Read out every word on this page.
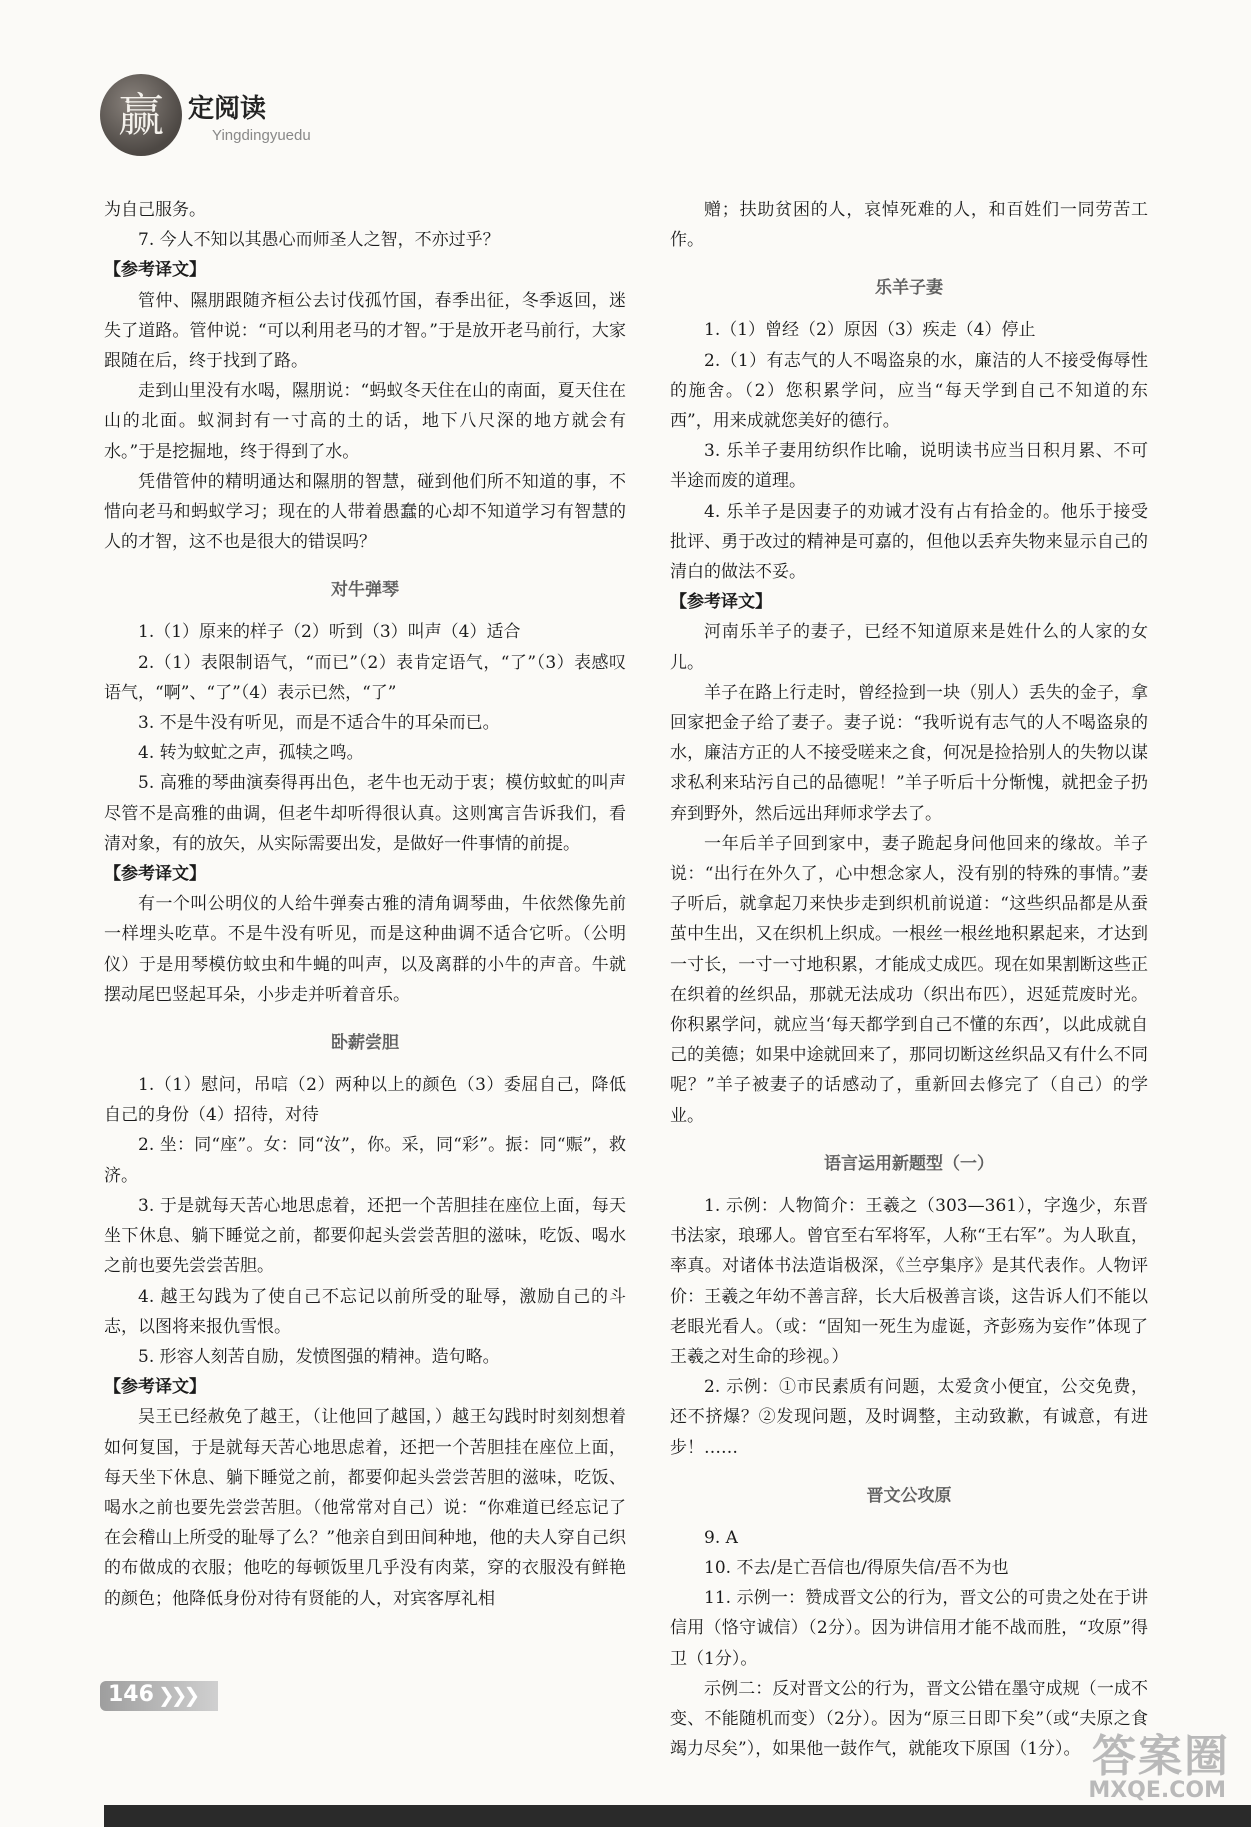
赢 定阅读
Yingdingyuedu

为自己服务。

7. 今人不知以其愚心而师圣人之智，不亦过乎？

【参考译文】

管仲、隰朋跟随齐桓公去讨伐孤竹国，春季出征，冬季返回，迷失了道路。管仲说：“可以利用老马的才智。”于是放开老马前行，大家跟随在后，终于找到了路。

走到山里没有水喝，隰朋说：“蚂蚁冬天住在山的南面，夏天住在山的北面。蚁洞封有一寸高的土的话，地下八尺深的地方就会有水。”于是挖掘地，终于得到了水。

凭借管仲的精明通达和隰朋的智慧，碰到他们所不知道的事，不惜向老马和蚂蚁学习；现在的人带着愚蠢的心却不知道学习有智慧的人的才智，这不也是很大的错误吗？

对牛弹琴

1.（1）原来的样子（2）听到（3）叫声（4）适合

2.（1）表限制语气，“而已”（2）表肯定语气，“了”（3）表感叹语气，“啊”、“了”（4）表示已然，“了”

3. 不是牛没有听见，而是不适合牛的耳朵而已。

4. 转为蚊虻之声，孤犊之鸣。

5. 高雅的琴曲演奏得再出色，老牛也无动于衷；模仿蚊虻的叫声尽管不是高雅的曲调，但老牛却听得很认真。这则寓言告诉我们，看清对象，有的放矢，从实际需要出发，是做好一件事情的前提。

【参考译文】

有一个叫公明仪的人给牛弹奏古雅的清角调琴曲，牛依然像先前一样埋头吃草。不是牛没有听见，而是这种曲调不适合它听。（公明仪）于是用琴模仿蚊虫和牛蝇的叫声，以及离群的小牛的声音。牛就摆动尾巴竖起耳朵，小步走并听着音乐。

卧薪尝胆

1.（1）慰问，吊唁（2）两种以上的颜色（3）委屈自己，降低自己的身份（4）招待，对待

2. 坐：同“座”。女：同“汝”，你。采，同“彩”。振：同“赈”，救济。

3. 于是就每天苦心地思虑着，还把一个苦胆挂在座位上面，每天坐下休息、躺下睡觉之前，都要仰起头尝尝苦胆的滋味，吃饭、喝水之前也要先尝尝苦胆。

4. 越王勾践为了使自己不忘记以前所受的耻辱，激励自己的斗志，以图将来报仇雪恨。

5. 形容人刻苦自励，发愤图强的精神。造句略。

【参考译文】

吴王已经赦免了越王，（让他回了越国，）越王勾践时时刻刻想着如何复国，于是就每天苦心地思虑着，还把一个苦胆挂在座位上面，每天坐下休息、躺下睡觉之前，都要仰起头尝尝苦胆的滋味，吃饭、喝水之前也要先尝尝苦胆。（他常常对自己）说：“你难道已经忘记了在会稽山上所受的耻辱了么？”他亲自到田间种地，他的夫人穿自己织的布做成的衣服；他吃的每顿饭里几乎没有肉菜，穿的衣服没有鲜艳的颜色；他降低身份对待有贤能的人，对宾客厚礼相

赠；扶助贫困的人，哀悼死难的人，和百姓们一同劳苦工作。

乐羊子妻

1.（1）曾经（2）原因（3）疾走（4）停止

2.（1）有志气的人不喝盗泉的水，廉洁的人不接受侮辱性的施舍。（2）您积累学问，应当“每天学到自己不知道的东西”，用来成就您美好的德行。

3. 乐羊子妻用纺织作比喻，说明读书应当日积月累、不可半途而废的道理。

4. 乐羊子是因妻子的劝诫才没有占有拾金的。他乐于接受批评、勇于改过的精神是可嘉的，但他以丢弃失物来显示自己的清白的做法不妥。

【参考译文】

河南乐羊子的妻子，已经不知道原来是姓什么的人家的女儿。

羊子在路上行走时，曾经捡到一块（别人）丢失的金子，拿回家把金子给了妻子。妻子说：“我听说有志气的人不喝盗泉的水，廉洁方正的人不接受嗟来之食，何况是捡拾别人的失物以谋求私利来玷污自己的品德呢！”羊子听后十分惭愧，就把金子扔弃到野外，然后远出拜师求学去了。

一年后羊子回到家中，妻子跪起身问他回来的缘故。羊子说：“出行在外久了，心中想念家人，没有别的特殊的事情。”妻子听后，就拿起刀来快步走到织机前说道：“这些织品都是从蚕茧中生出，又在织机上织成。一根丝一根丝地积累起来，才达到一寸长，一寸一寸地积累，才能成丈成匹。现在如果割断这些正在织着的丝织品，那就无法成功（织出布匹），迟延荒废时光。你积累学问，就应当‘每天都学到自己不懂的东西’，以此成就自己的美德；如果中途就回来了，那同切断这丝织品又有什么不同呢？”羊子被妻子的话感动了，重新回去修完了（自己）的学业。

语言运用新题型（一）

1. 示例：人物简介：王羲之（303—361），字逸少，东晋书法家，琅琊人。曾官至右军将军，人称“王右军”。为人耿直，率真。对诸体书法造诣极深，《兰亭集序》是其代表作。人物评价：王羲之年幼不善言辞，长大后极善言谈，这告诉人们不能以老眼光看人。（或：“固知一死生为虚诞，齐彭殇为妄作”体现了王羲之对生命的珍视。）

2. 示例：①市民素质有问题，太爱贪小便宜，公交免费，还不挤爆？②发现问题，及时调整，主动致歉，有诚意，有进步！……

晋文公攻原

9. A

10. 不去/是亡吾信也/得原失信/吾不为也

11. 示例一：赞成晋文公的行为，晋文公的可贵之处在于讲信用（恪守诚信）（2分）。因为讲信用才能不战而胜，“攻原”得卫（1分）。

示例二：反对晋文公的行为，晋文公错在墨守成规（一成不变、不能随机而变）（2分）。因为“原三日即下矣”（或“夫原之食竭力尽矣”），如果他一鼓作气，就能攻下原国（1分）。

146 ❯❯❯
答案圈
MXQE.COM
